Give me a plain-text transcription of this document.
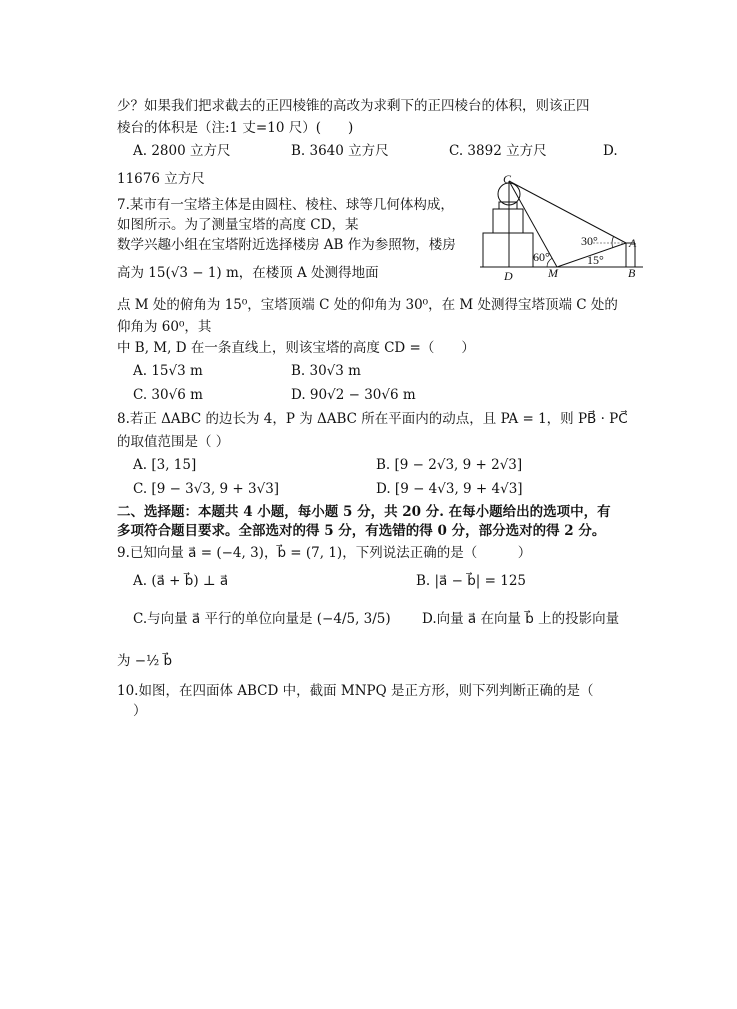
少？如果我们把求截去的正四棱锥的高改为求剩下的正四棱台的体积，则该正四
棱台的体积是（注:1 丈=10 尺）(　　)
A. 2800 立方尺	B. 3640 立方尺	C. 3892 立方尺	D.
11676 立方尺
7.某市有一宝塔主体是由圆柱、棱柱、球等几何体构成，
如图所示。为了测量宝塔的高度 CD，某
数学兴趣小组在宝塔附近选择楼房 AB 作为参照物，楼房
高为 15(√3 − 1) m，在楼顶 A 处测得地面
点 M 处的俯角为 15⁰，宝塔顶端 C 处的仰角为 30⁰，在 M 处测得宝塔顶端 C 处的
仰角为 60⁰，其
中 B, M, D 在一条直线上，则该宝塔的高度 CD =（　　）
A. 15√3 m	B. 30√3 m
C. 30√6 m	D. 90√2 − 30√6 m
C
A
B
D	M
30°
15°
60°
8.若正 ΔABC 的边长为 4，P 为 ΔABC 所在平面内的动点，且 PA = 1，则 PB⃗ · PC⃗
的取值范围是（ ）
A. [3, 15]	B. [9 − 2√3, 9 + 2√3]
C. [9 − 3√3, 9 + 3√3]	D. [9 − 4√3, 9 + 4√3]
二、选择题：本题共 4 小题，每小题 5 分，共 20 分. 在每小题给出的选项中，有
多项符合题目要求。全部选对的得 5 分，有选错的得 0 分，部分选对的得 2 分。
9.已知向量 a⃗ = (−4, 3)，b⃗ = (7, 1)，下列说法正确的是（　　　）
A. (a⃗ + b⃗) ⊥ a⃗	B. |a⃗ − b⃗| = 125
C.与向量 a⃗ 平行的单位向量是 (−4/5, 3/5) D.向量 a⃗ 在向量 b⃗ 上的投影向量
为 −½ b⃗
10.如图，在四面体 ABCD 中，截面 MNPQ 是正方形，则下列判断正确的是（
）
